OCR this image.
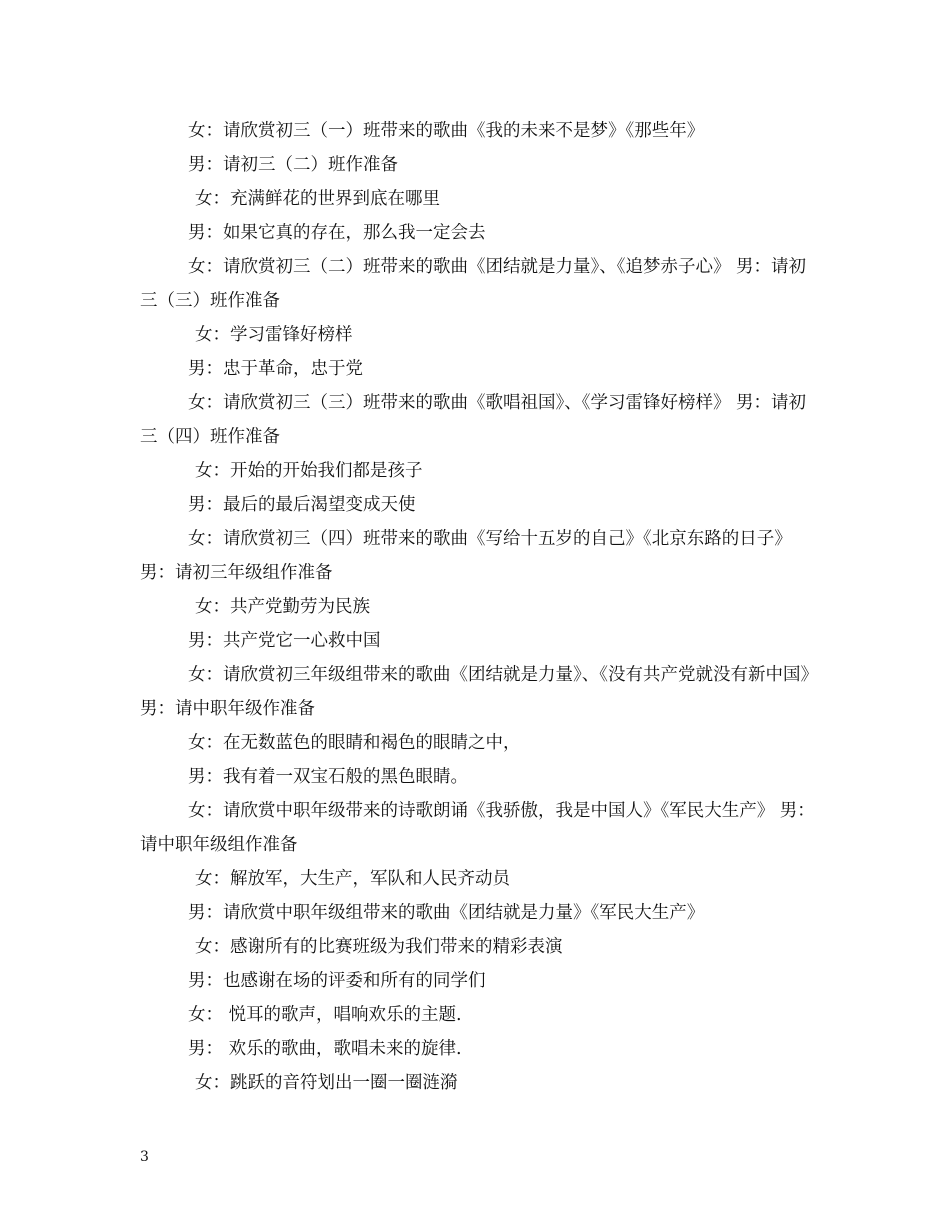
女：请欣赏初三（一）班带来的歌曲《我的未来不是梦》《那些年》

男：请初三（二）班作准备

女：充满鲜花的世界到底在哪里

男：如果它真的存在，那么我一定会去

女：请欣赏初三（二）班带来的歌曲《团结就是力量》、《追梦赤子心》 男：请初三（三）班作准备

女：学习雷锋好榜样

男：忠于革命，忠于党

女：请欣赏初三（三）班带来的歌曲《歌唱祖国》、《学习雷锋好榜样》 男：请初三（四）班作准备

女：开始的开始我们都是孩子

男：最后的最后渴望变成天使

女：请欣赏初三（四）班带来的歌曲《写给十五岁的自己》《北京东路的日子》 男：请初三年级组作准备

女：共产党勤劳为民族

男：共产党它一心救中国

女：请欣赏初三年级组带来的歌曲《团结就是力量》、《没有共产党就没有新中国》 男：请中职年级作准备

女：在无数蓝色的眼睛和褐色的眼睛之中，

男：我有着一双宝石般的黑色眼睛。

女：请欣赏中职年级带来的诗歌朗诵《我骄傲，我是中国人》《军民大生产》 男：请中职年级组作准备

女：解放军，大生产，军队和人民齐动员

男：请欣赏中职年级组带来的歌曲《团结就是力量》《军民大生产》

女：感谢所有的比赛班级为我们带来的精彩表演

男：也感谢在场的评委和所有的同学们

女： 悦耳的歌声，唱响欢乐的主题.

男： 欢乐的歌曲，歌唱未来的旋律.

女：跳跃的音符划出一圈一圈涟漪

3
